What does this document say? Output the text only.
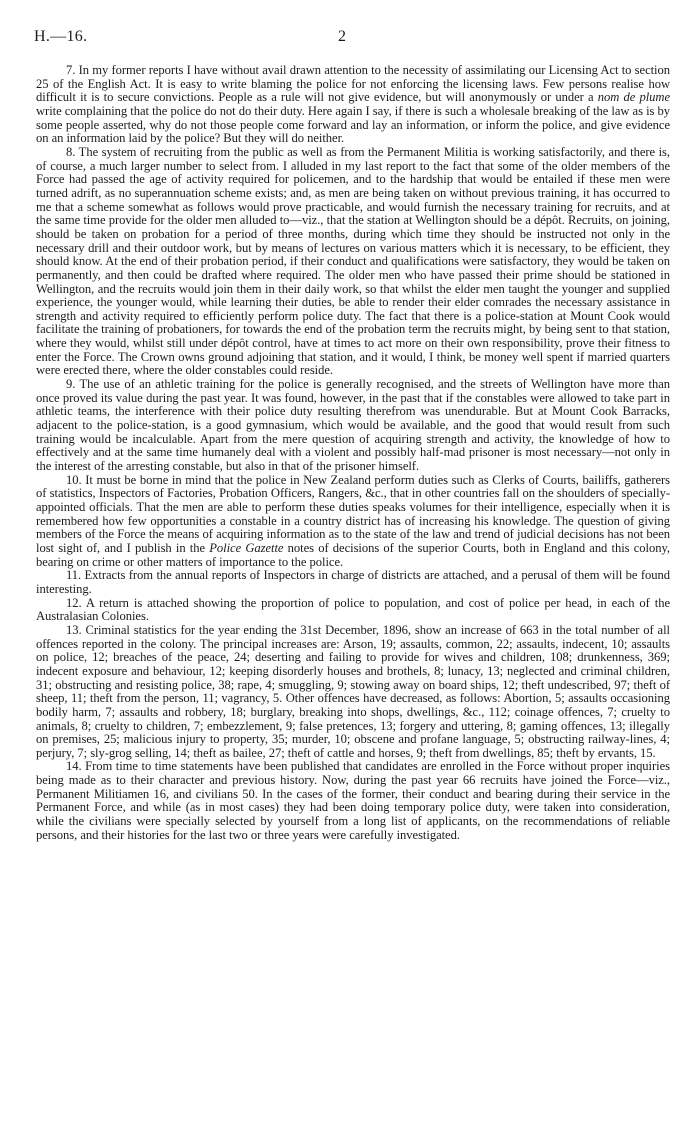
H.—16.	2

7. In my former reports I have without avail drawn attention to the necessity of assimilating our Licensing Act to section 25 of the English Act. It is easy to write blaming the police for not enforcing the licensing laws. Few persons realise how difficult it is to secure convictions. People as a rule will not give evidence, but will anonymously or under a nom de plume write complaining that the police do not do their duty. Here again I say, if there is such a wholesale breaking of the law as is by some people asserted, why do not those people come forward and lay an information, or inform the police, and give evidence on an information laid by the police? But they will do neither.

8. The system of recruiting from the public as well as from the Permanent Militia is working satisfactorily, and there is, of course, a much larger number to select from. I alluded in my last report to the fact that some of the older members of the Force had passed the age of activity required for policemen, and to the hardship that would be entailed if these men were turned adrift, as no superannuation scheme exists; and, as men are being taken on without previous training, it has occurred to me that a scheme somewhat as follows would prove practicable, and would furnish the necessary training for recruits, and at the same time provide for the older men alluded to—viz., that the station at Wellington should be a dépôt. Recruits, on joining, should be taken on probation for a period of three months, during which time they should be instructed not only in the necessary drill and their outdoor work, but by means of lectures on various matters which it is necessary, to be efficient, they should know. At the end of their probation period, if their conduct and qualifications were satisfactory, they would be taken on permanently, and then could be drafted where required. The older men who have passed their prime should be stationed in Wellington, and the recruits would join them in their daily work, so that whilst the elder men taught the younger and supplied experience, the younger would, while learning their duties, be able to render their elder comrades the necessary assistance in strength and activity required to efficiently perform police duty. The fact that there is a police-station at Mount Cook would facilitate the training of probationers, for towards the end of the probation term the recruits might, by being sent to that station, where they would, whilst still under dépôt control, have at times to act more on their own responsibility, prove their fitness to enter the Force. The Crown owns ground adjoining that station, and it would, I think, be money well spent if married quarters were erected there, where the older constables could reside.

9. The use of an athletic training for the police is generally recognised, and the streets of Wellington have more than once proved its value during the past year. It was found, however, in the past that if the constables were allowed to take part in athletic teams, the interference with their police duty resulting therefrom was unendurable. But at Mount Cook Barracks, adjacent to the police-station, is a good gymnasium, which would be available, and the good that would result from such training would be incalculable. Apart from the mere question of acquiring strength and activity, the knowledge of how to effectively and at the same time humanely deal with a violent and possibly half-mad prisoner is most necessary—not only in the interest of the arresting constable, but also in that of the prisoner himself.

10. It must be borne in mind that the police in New Zealand perform duties such as Clerks of Courts, bailiffs, gatherers of statistics, Inspectors of Factories, Probation Officers, Rangers, &c., that in other countries fall on the shoulders of specially-appointed officials. That the men are able to perform these duties speaks volumes for their intelligence, especially when it is remembered how few opportunities a constable in a country district has of increasing his knowledge. The question of giving members of the Force the means of acquiring information as to the state of the law and trend of judicial decisions has not been lost sight of, and I publish in the Police Gazette notes of decisions of the superior Courts, both in England and this colony, bearing on crime or other matters of importance to the police.

11. Extracts from the annual reports of Inspectors in charge of districts are attached, and a perusal of them will be found interesting.

12. A return is attached showing the proportion of police to population, and cost of police per head, in each of the Australasian Colonies.

13. Criminal statistics for the year ending the 31st December, 1896, show an increase of 663 in the total number of all offences reported in the colony. The principal increases are: Arson, 19; assaults, common, 22; assaults, indecent, 10; assaults on police, 12; breaches of the peace, 24; deserting and failing to provide for wives and children, 108; drunkenness, 369; indecent exposure and behaviour, 12; keeping disorderly houses and brothels, 8; lunacy, 13; neglected and criminal children, 31; obstructing and resisting police, 38; rape, 4; smuggling, 9; stowing away on board ships, 12; theft undescribed, 97; theft of sheep, 11; theft from the person, 11; vagrancy, 5. Other offences have decreased, as follows: Abortion, 5; assaults occasioning bodily harm, 7; assaults and robbery, 18; burglary, breaking into shops, dwellings, &c., 112; coinage offences, 7; cruelty to animals, 8; cruelty to children, 7; embezzlement, 9; false pretences, 13; forgery and uttering, 8; gaming offences, 13; illegally on premises, 25; malicious injury to property, 35; murder, 10; obscene and profane language, 5; obstructing railway-lines, 4; perjury, 7; sly-grog selling, 14; theft as bailee, 27; theft of cattle and horses, 9; theft from dwellings, 85; theft by ervants, 15.

14. From time to time statements have been published that candidates are enrolled in the Force without proper inquiries being made as to their character and previous history. Now, during the past year 66 recruits have joined the Force—viz., Permanent Militiamen 16, and civilians 50. In the cases of the former, their conduct and bearing during their service in the Permanent Force, and while (as in most cases) they had been doing temporary police duty, were taken into consideration, while the civilians were specially selected by yourself from a long list of applicants, on the recommendations of reliable persons, and their histories for the last two or three years were carefully investigated.
